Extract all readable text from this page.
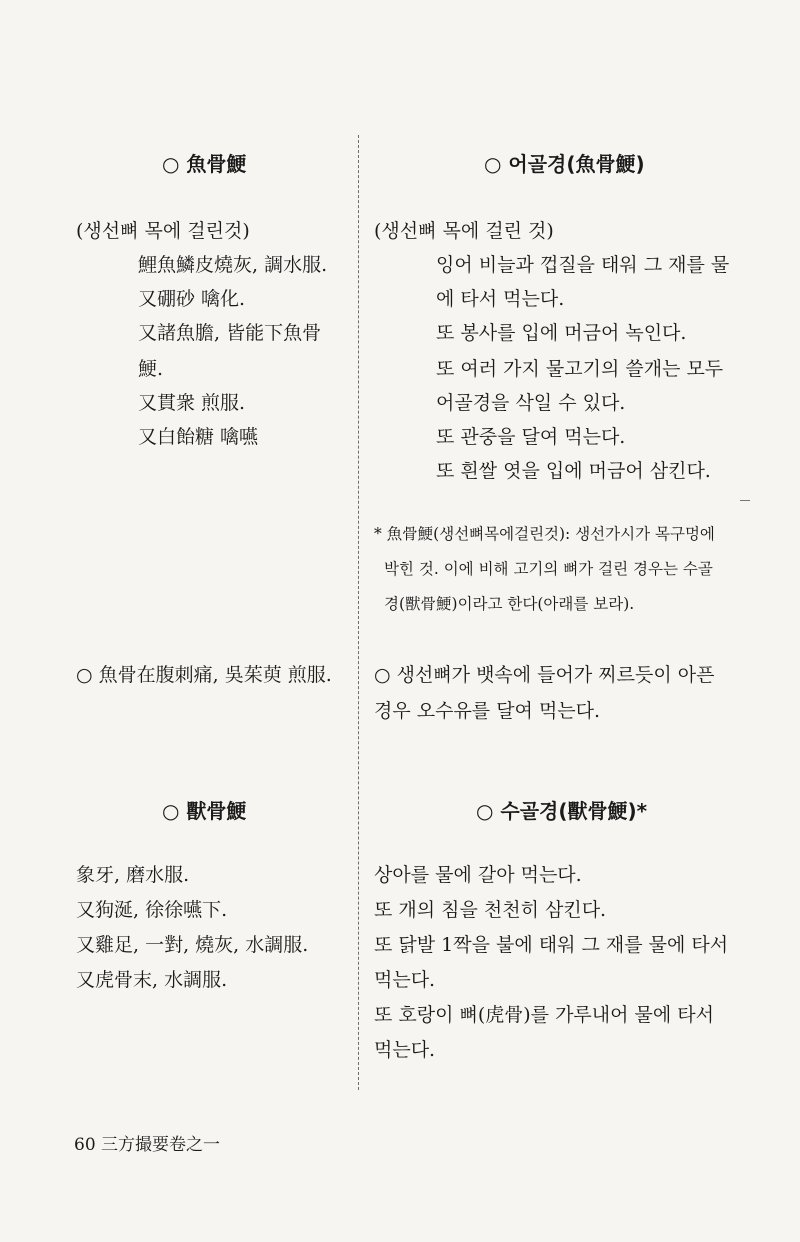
○ 魚骨鯁
(생선뼈 목에 걸린것)
鯉魚鱗皮燒灰, 調水服.
又硼砂 噙化.
又諸魚膽, 皆能下魚骨
鯁.
又貫衆 煎服.
又白飴糖 噙嚥
○ 魚骨在腹刺痛, 吳茱萸 煎服.
象牙, 磨水服.
又狗涎, 徐徐嚥下.
又雞足, 一對, 燒灰, 水調服.
又虎骨末, 水調服.
○ 獸骨鯁
○ 어골경(魚骨鯁)
(생선뼈 목에 걸린 것)
잉어 비늘과 껍질을 태워 그 재를 물
에 타서 먹는다.
또 봉사를 입에 머금어 녹인다.
또 여러 가지 물고기의 쓸개는 모두
어골경을 삭일 수 있다.
또 관중을 달여 먹는다.
또 흰쌀 엿을 입에 머금어 삼킨다.
* 魚骨鯁(생선뼈목에걸린것): 생선가시가 목구멍에
박힌 것. 이에 비해 고기의 뼈가 걸린 경우는 수골
경(獸骨鯁)이라고 한다(아래를 보라).
○ 생선뼈가 뱃속에 들어가 찌르듯이 아픈
경우 오수유를 달여 먹는다.
상아를 물에 갈아 먹는다.
또 개의 침을 천천히 삼킨다.
또 닭발 1짝을 불에 태워 그 재를 물에 타서
먹는다.
또 호랑이 뼈(虎骨)를 가루내어 물에 타서
먹는다.
○ 수골경(獸骨鯁)*
60 三方撮要卷之一
